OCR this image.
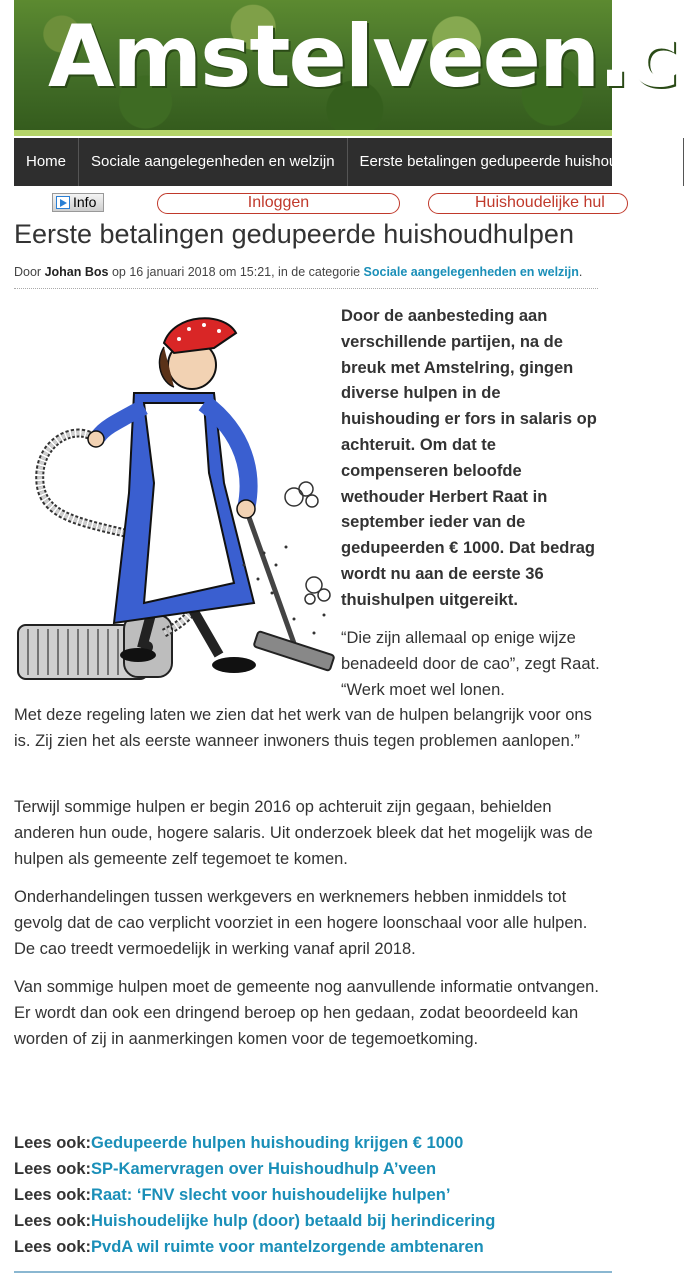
Amstelveen.c
Home	Sociale aangelegenheden en welzijn	Eerste betalingen gedupeerde huishoudhulpen
Info	Inloggen	Huishoudelijke hul
Eerste betalingen gedupeerde huishoudhulpen
Door Johan Bos op 16 januari 2018 om 15:21, in de categorie Sociale aangelegenheden en welzijn.

Door de aanbesteding aan verschillende partijen, na de breuk met Amstelring, gingen diverse hulpen in de huishouding er fors in salaris op achteruit. Om dat te compenseren beloofde wethouder Herbert Raat in september ieder van de gedupeerden € 1000. Dat bedrag wordt nu aan de eerste 36 thuishulpen uitgereikt.

“Die zijn allemaal op enige wijze benadeeld door de cao”, zegt Raat. “Werk moet wel lonen.

Met deze regeling laten we zien dat het werk van de hulpen belangrijk voor ons is. Zij zien het als eerste wanneer inwoners thuis tegen problemen aanlopen.”

Terwijl sommige hulpen er begin 2016 op achteruit zijn gegaan, behielden anderen hun oude, hogere salaris. Uit onderzoek bleek dat het mogelijk was de hulpen als gemeente zelf tegemoet te komen.

Onderhandelingen tussen werkgevers en werknemers hebben inmiddels tot gevolg dat de cao verplicht voorziet in een hogere loonschaal voor alle hulpen. De cao treedt vermoedelijk in werking vanaf april 2018.

Van sommige hulpen moet de gemeente nog aanvullende informatie ontvangen. Er wordt dan ook een dringend beroep op hen gedaan, zodat beoordeeld kan worden of zij in aanmerkingen komen voor de tegemoetkoming.

Lees ook:Gedupeerde hulpen huishouding krijgen € 1000
Lees ook:SP-Kamervragen over Huishoudhulp A’veen
Lees ook:Raat: ‘FNV slecht voor huishoudelijke hulpen’
Lees ook:Huishoudelijke hulp (door) betaald bij herindicering
Lees ook:PvdA wil ruimte voor mantelzorgende ambtenaren
